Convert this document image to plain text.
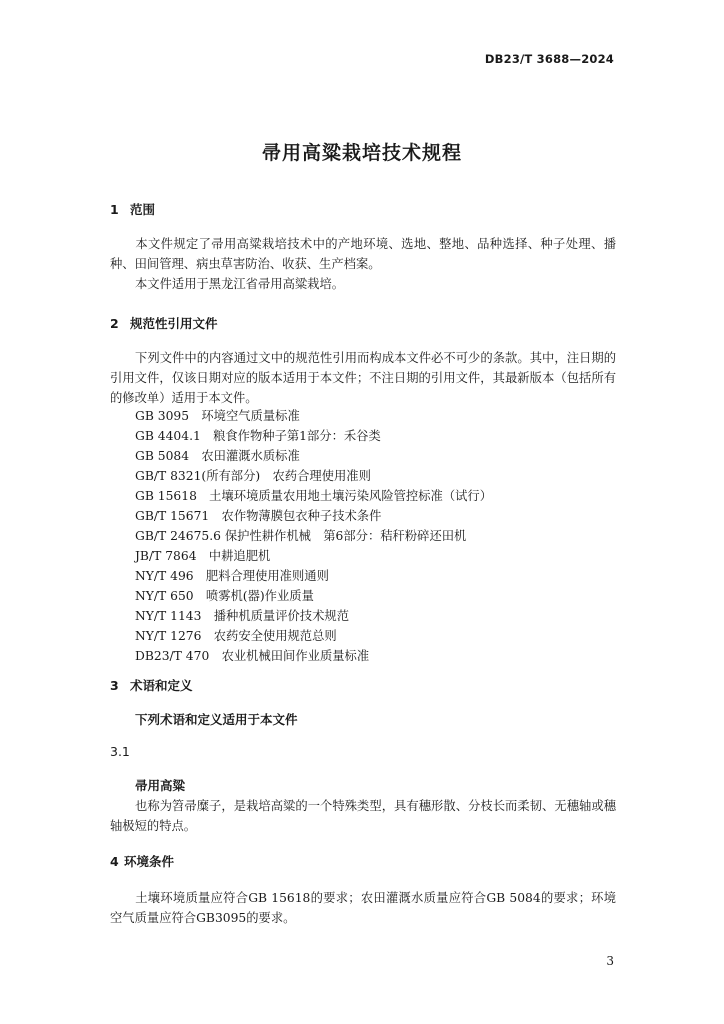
DB23/T 3688—2024
帚用高粱栽培技术规程
1 范围
本文件规定了帚用高粱栽培技术中的产地环境、选地、整地、品种选择、种子处理、播种、田间管理、病虫草害防治、收获、生产档案。
本文件适用于黑龙江省帚用高粱栽培。
2 规范性引用文件
下列文件中的内容通过文中的规范性引用而构成本文件必不可少的条款。其中，注日期的引用文件，仅该日期对应的版本适用于本文件；不注日期的引用文件，其最新版本（包括所有的修改单）适用于本文件。
GB 3095　环境空气质量标准
GB 4404.1　粮食作物种子第1部分：禾谷类
GB 5084　农田灌溉水质标准
GB/T 8321(所有部分)　农药合理使用准则
GB 15618　土壤环境质量农用地土壤污染风险管控标准（试行）
GB/T 15671　农作物薄膜包衣种子技术条件
GB/T 24675.6 保护性耕作机械　第6部分：秸秆粉碎还田机
JB/T 7864　中耕追肥机
NY/T 496　肥料合理使用准则通则
NY/T 650　喷雾机(器)作业质量
NY/T 1143　播种机质量评价技术规范
NY/T 1276　农药安全使用规范总则
DB23/T 470　农业机械田间作业质量标准
3 术语和定义
下列术语和定义适用于本文件
3.1
帚用高粱
也称为笤帚糜子，是栽培高粱的一个特殊类型，具有穗形散、分枝长而柔韧、无穗轴或穗轴极短的特点。
4 环境条件
土壤环境质量应符合GB 15618的要求；农田灌溉水质量应符合GB 5084的要求；环境空气质量应符合GB3095的要求。
3
